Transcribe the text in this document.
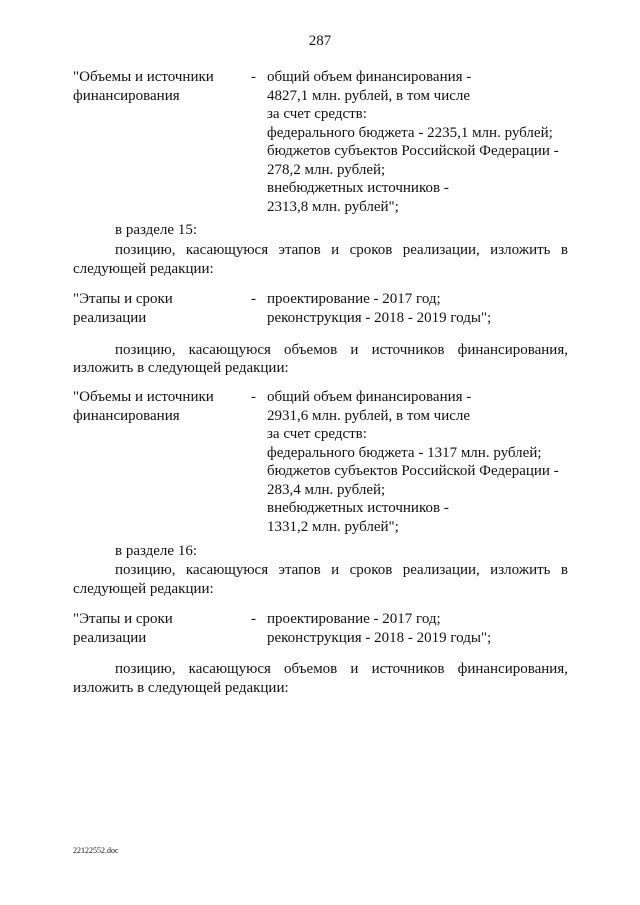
287
"Объемы и источники
финансирования
- общий объем финансирования -
4827,1 млн. рублей, в том числе
за счет средств:
федерального бюджета - 2235,1 млн. рублей;
бюджетов субъектов Российской Федерации -
278,2 млн. рублей;
внебюджетных источников -
2313,8 млн. рублей";
в разделе 15:
позицию, касающуюся этапов и сроков реализации, изложить в
следующей редакции:
"Этапы и сроки
реализации
- проектирование - 2017 год;
реконструкция - 2018 - 2019 годы";
позицию, касающуюся объемов и источников финансирования,
изложить в следующей редакции:
"Объемы и источники
финансирования
- общий объем финансирования -
2931,6 млн. рублей, в том числе
за счет средств:
федерального бюджета - 1317 млн. рублей;
бюджетов субъектов Российской Федерации -
283,4 млн. рублей;
внебюджетных источников -
1331,2 млн. рублей";
в разделе 16:
позицию, касающуюся этапов и сроков реализации, изложить в
следующей редакции:
"Этапы и сроки
реализации
- проектирование - 2017 год;
реконструкция - 2018 - 2019 годы";
позицию, касающуюся объемов и источников финансирования,
изложить в следующей редакции:
22122552.doc
